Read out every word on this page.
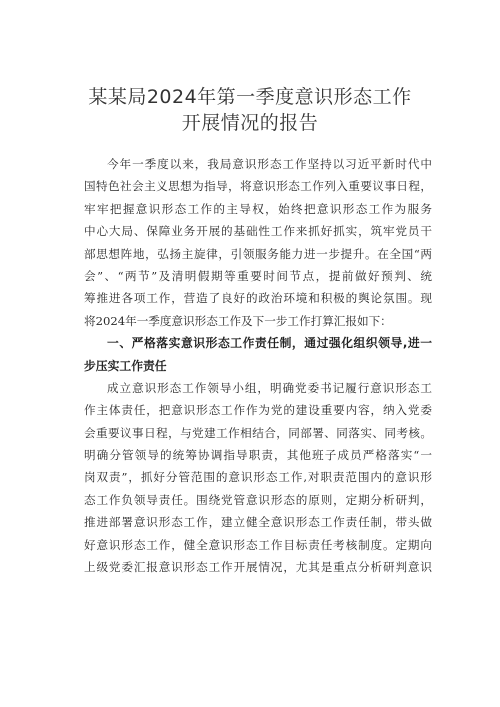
某某局2024年第一季度意识形态工作
开展情况的报告
今年一季度以来，我局意识形态工作坚持以习近平新时代中
国特色社会主义思想为指导，将意识形态工作列入重要议事日程，
牢牢把握意识形态工作的主导权，始终把意识形态工作为服务
中心大局、保障业务开展的基础性工作来抓好抓实，筑牢党员干
部思想阵地，弘扬主旋律，引领服务能力进一步提升。在全国“两
会”、“两节”及清明假期等重要时间节点，提前做好预判、统
筹推进各项工作，营造了良好的政治环境和积极的舆论氛围。现
将2024年一季度意识形态工作及下一步工作打算汇报如下：
一、严格落实意识形态工作责任制，通过强化组织领导,进一
步压实工作责任
成立意识形态工作领导小组，明确党委书记履行意识形态工
作主体责任，把意识形态工作作为党的建设重要内容，纳入党委
会重要议事日程，与党建工作相结合，同部署、同落实、同考核。
明确分管领导的统筹协调指导职责，其他班子成员严格落实“一
岗双责”，抓好分管范围的意识形态工作,对职责范围内的意识形
态工作负领导责任。围绕党管意识形态的原则，定期分析研判，
推进部署意识形态工作，建立健全意识形态工作责任制，带头做
好意识形态工作，健全意识形态工作目标责任考核制度。定期向
上级党委汇报意识形态工作开展情况，尤其是重点分析研判意识
